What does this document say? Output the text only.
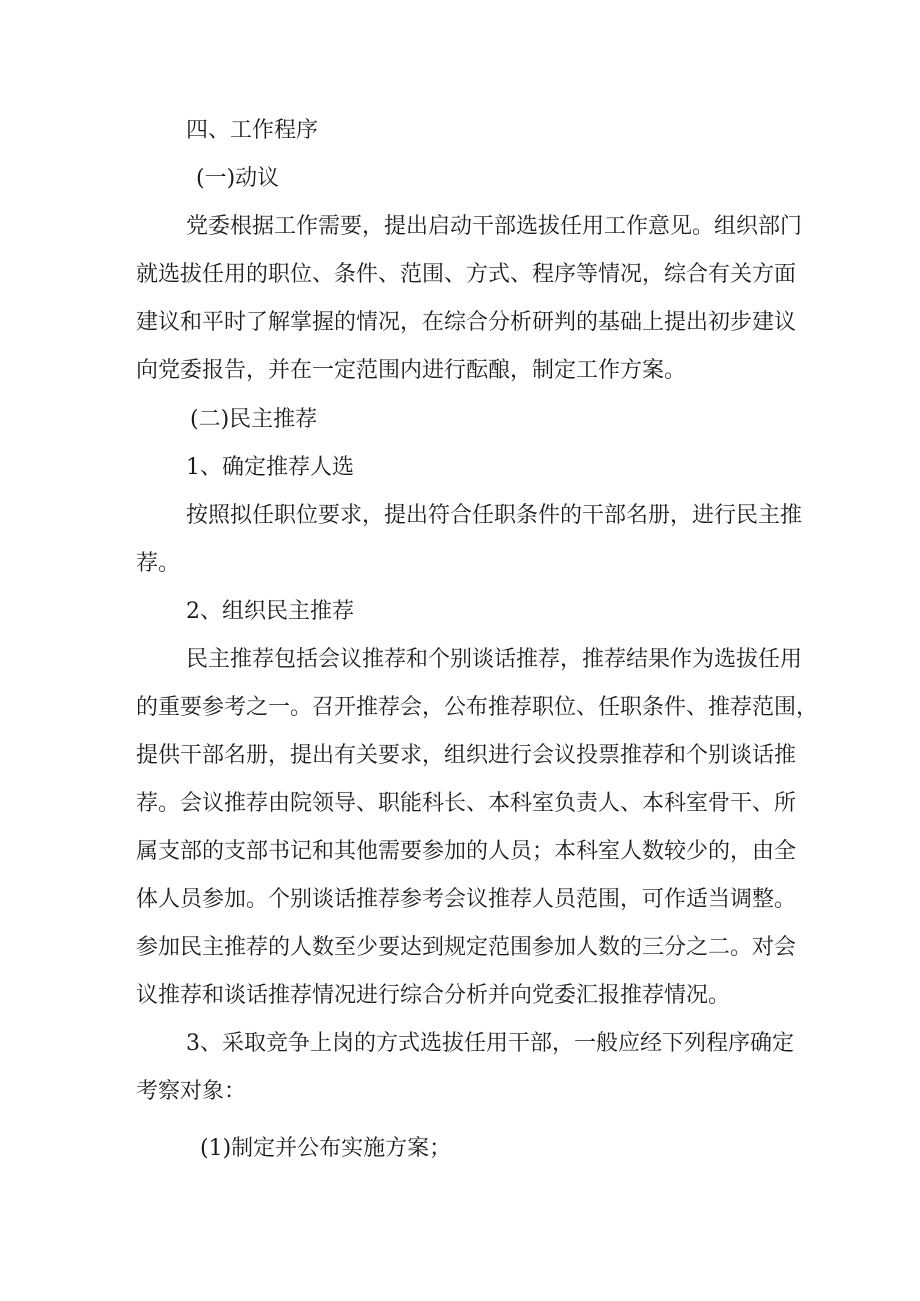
四、工作程序
(一)动议
党委根据工作需要，提出启动干部选拔任用工作意见。组织部门
就选拔任用的职位、条件、范围、方式、程序等情况，综合有关方面
建议和平时了解掌握的情况，在综合分析研判的基础上提出初步建议
向党委报告，并在一定范围内进行酝酿，制定工作方案。
(二)民主推荐
1、确定推荐人选
按照拟任职位要求，提出符合任职条件的干部名册，进行民主推
荐。
2、组织民主推荐
民主推荐包括会议推荐和个别谈话推荐，推荐结果作为选拔任用
的重要参考之一。召开推荐会，公布推荐职位、任职条件、推荐范围，
提供干部名册，提出有关要求，组织进行会议投票推荐和个别谈话推
荐。会议推荐由院领导、职能科长、本科室负责人、本科室骨干、所
属支部的支部书记和其他需要参加的人员；本科室人数较少的，由全
体人员参加。个别谈话推荐参考会议推荐人员范围，可作适当调整。
参加民主推荐的人数至少要达到规定范围参加人数的三分之二。对会
议推荐和谈话推荐情况进行综合分析并向党委汇报推荐情况。
3、采取竞争上岗的方式选拔任用干部，一般应经下列程序确定
考察对象：
(1)制定并公布实施方案；
